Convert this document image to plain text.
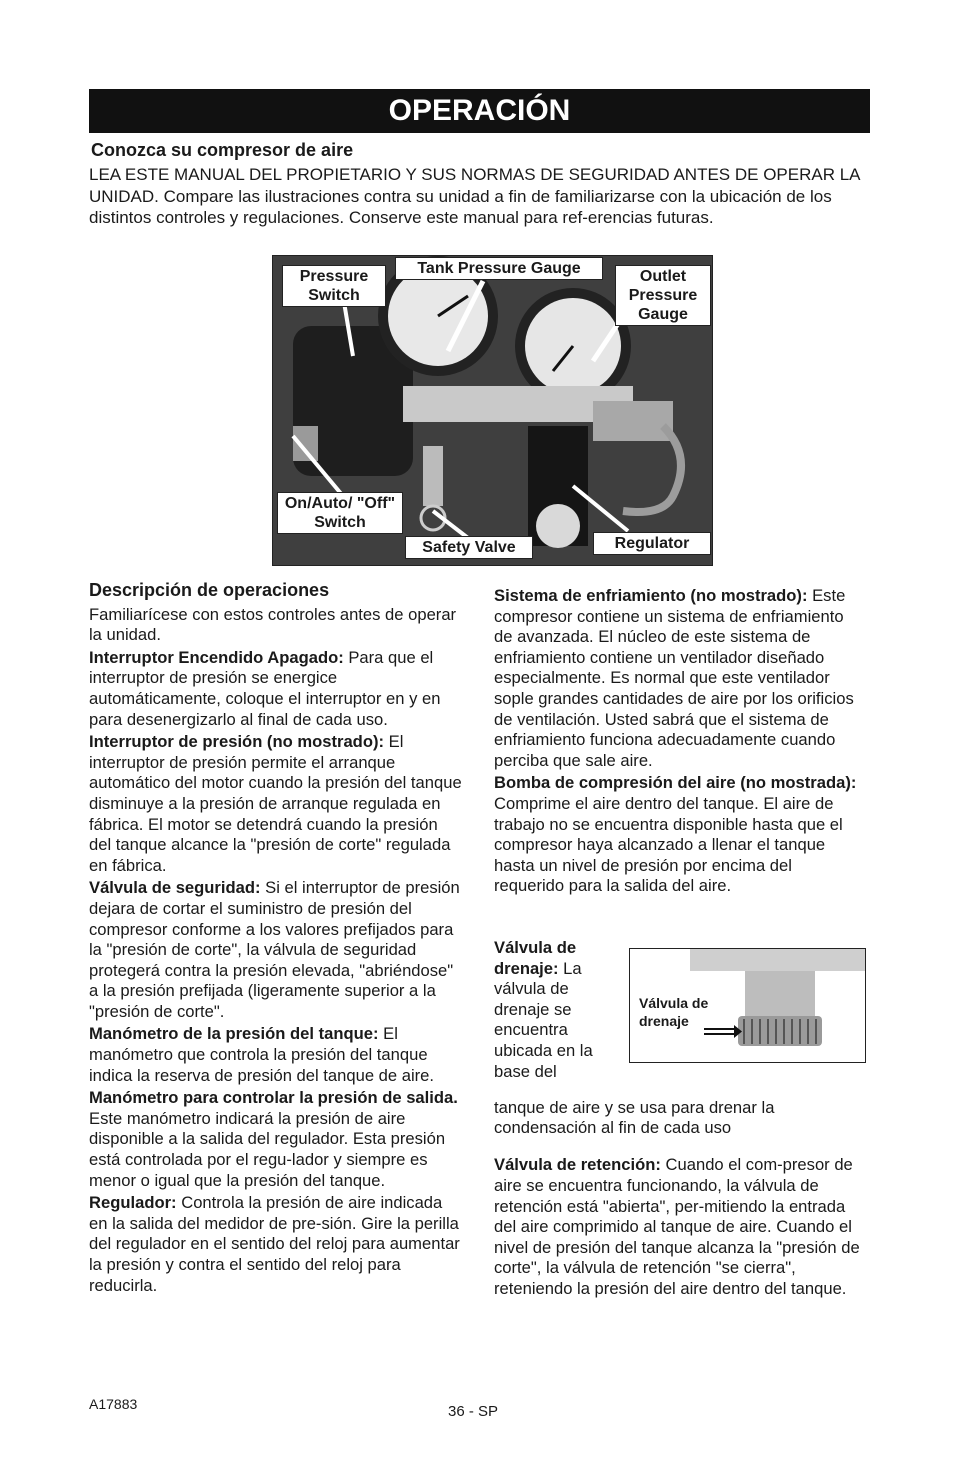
OPERACIÓN
Conozca su compresor de aire

LEA ESTE MANUAL DEL PROPIETARIO Y SUS NORMAS DE SEGURIDAD ANTES DE OPERAR LA UNIDAD. Compare las ilustraciones contra su unidad a fin de familiarizarse con la ubicación de los distintos controles y regulaciones. Conserve este manual para ref-erencias futuras.

Pressure Switch
Tank Pressure Gauge	Outlet Pressure Gauge
On/Auto/ "Off" Switch
Safety Valve	Regulator
Descripción de operaciones

Familiarícese con estos controles antes de operar la unidad.

Interruptor Encendido Apagado: Para que el interruptor de presión se energice automáticamente, coloque el interruptor en y en para desenergizarlo al final de cada uso.

Interruptor de presión (no mostrado): El interruptor de presión permite el arranque automático del motor cuando la presión del tanque disminuye a la presión de arranque regulada en fábrica. El motor se detendrá cuando la presión del tanque alcance la "presión de corte" regulada en fábrica.

Válvula de seguridad: Si el interruptor de presión dejara de cortar el suministro de presión del compresor conforme a los valores prefijados para la "presión de corte", la válvula de seguridad protegerá contra la presión elevada, "abriéndose" a la presión prefijada (ligeramente superior a la "presión de corte".

Manómetro de la presión del tanque: El manómetro que controla la presión del tanque indica la reserva de presión del tanque de aire.

Manómetro para controlar la presión de salida. Este manómetro indicará la presión de aire disponible a la salida del regulador. Esta presión está controlada por el regu-lador y siempre es menor o igual que la presión del tanque.

Regulador: Controla la presión de aire indicada en la salida del medidor de pre-sión. Gire la perilla del regulador en el sentido del reloj para aumentar la presión y contra el sentido del reloj para reducirla.

Sistema de enfriamiento (no mostrado): Este compresor contiene un sistema de enfriamiento de avanzada. El núcleo de este sistema de enfriamiento contiene un ventilador diseñado especialmente. Es normal que este ventilador sople grandes cantidades de aire por los orificios de ventilación. Usted sabrá que el sistema de enfriamiento funciona adecuadamente cuando perciba que sale aire.

Bomba de compresión del aire (no mostrada): Comprime el aire dentro del tanque. El aire de trabajo no se encuentra disponible hasta que el compresor haya alcanzado a llenar el tanque hasta un nivel de presión por encima del requerido para la salida del aire.

Válvula de drenaje: La válvula de drenaje se encuentra ubicada en la base del
Válvula de drenaje

tanque de aire y se usa para drenar la condensación al fin de cada uso

Válvula de retención: Cuando el com-presor de aire se encuentra funcionando, la válvula de retención está "abierta", per-mitiendo la entrada del aire comprimido al tanque de aire. Cuando el nivel de presión del tanque alcanza la "presión de corte", la válvula de retención "se cierra", reteniendo la presión del aire dentro del tanque.

A17883	36 - SP
